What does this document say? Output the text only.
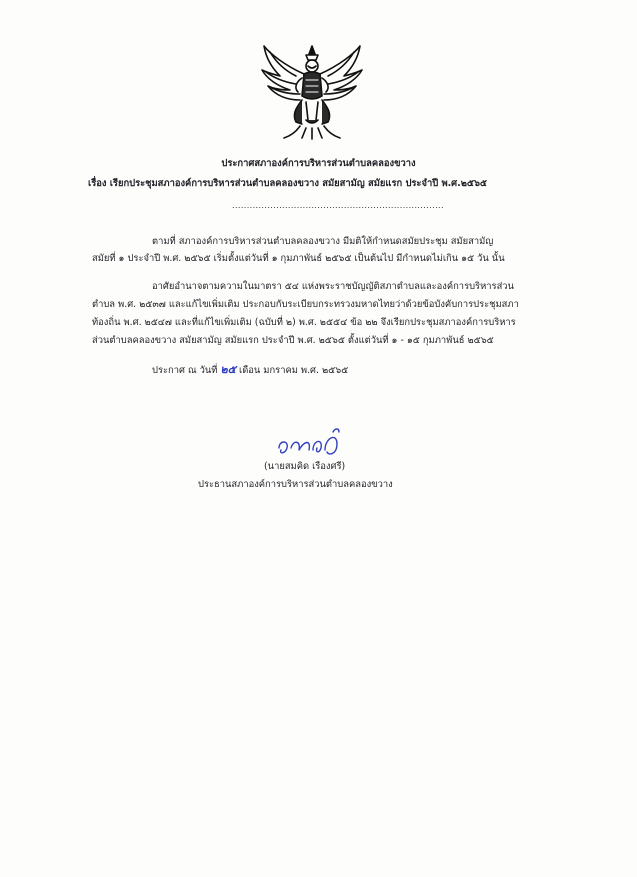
ประกาศสภาองค์การบริหารส่วนตำบลคลองขวาง
เรื่อง เรียกประชุมสภาองค์การบริหารส่วนตำบลคลองขวาง สมัยสามัญ สมัยแรก ประจำปี พ.ศ.๒๕๖๕
........................................................................
ตามที่ สภาองค์การบริหารส่วนตำบลคลองขวาง มีมติให้กำหนดสมัยประชุม สมัยสามัญ
สมัยที่ ๑ ประจำปี พ.ศ. ๒๕๖๕ เริ่มตั้งแต่วันที่ ๑ กุมภาพันธ์ ๒๕๖๕ เป็นต้นไป มีกำหนดไม่เกิน ๑๕ วัน นั้น
อาศัยอำนาจตามความในมาตรา ๕๔ แห่งพระราชบัญญัติสภาตำบลและองค์การบริหารส่วน
ตำบล พ.ศ. ๒๕๓๗ และแก้ไขเพิ่มเติม ประกอบกับระเบียบกระทรวงมหาดไทยว่าด้วยข้อบังคับการประชุมสภา
ท้องถิ่น พ.ศ. ๒๕๔๗ และที่แก้ไขเพิ่มเติม (ฉบับที่ ๒) พ.ศ. ๒๕๕๔ ข้อ ๒๒ จึงเรียกประชุมสภาองค์การบริหาร
ส่วนตำบลคลองขวาง สมัยสามัญ สมัยแรก ประจำปี พ.ศ. ๒๕๖๕ ตั้งแต่วันที่ ๑ - ๑๕ กุมภาพันธ์ ๒๕๖๕
ประกาศ ณ วันที่ ๒๕ เดือน มกราคม พ.ศ. ๒๕๖๕
(นายสมคิด เรืองศรี)
ประธานสภาองค์การบริหารส่วนตำบลคลองขวาง
